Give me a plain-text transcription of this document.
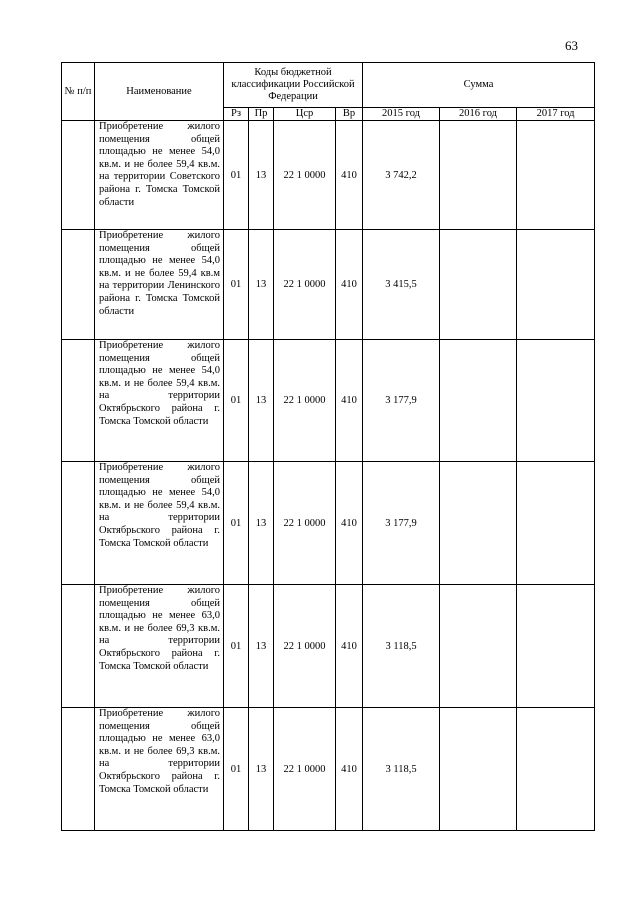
63
№ п/п	Наименование	Коды бюджетной классификации Российской Федерации				Сумма		
		Рз	Пр	Цср	Вр	2015 год	2016 год	2017 год
	Приобретение жилого помещения общей площадью не менее 54,0 кв.м. и не более 59,4 кв.м. на территории Советского района г. Томска Томской области	01	13	22 1 0000	410	3 742,2		
	Приобретение жилого помещения общей площадью не менее 54,0 кв.м. и не более 59,4 кв.м на территории Ленинского района г. Томска Томской области	01	13	22 1 0000	410	3 415,5		
	Приобретение жилого помещения общей площадью не менее 54,0 кв.м. и не более 59,4 кв.м. на территории Октябрьского района г. Томска Томской области	01	13	22 1 0000	410	3 177,9		
	Приобретение жилого помещения общей площадью не менее 54,0 кв.м. и не более 59,4 кв.м. на территории Октябрьского района г. Томска Томской области	01	13	22 1 0000	410	3 177,9		
	Приобретение жилого помещения общей площадью не менее 63,0 кв.м. и не более 69,3 кв.м. на территории Октябрьского района г. Томска Томской области	01	13	22 1 0000	410	3 118,5		
	Приобретение жилого помещения общей площадью не менее 63,0 кв.м. и не более 69,3 кв.м. на территории Октябрьского района г. Томска Томской области	01	13	22 1 0000	410	3 118,5		
